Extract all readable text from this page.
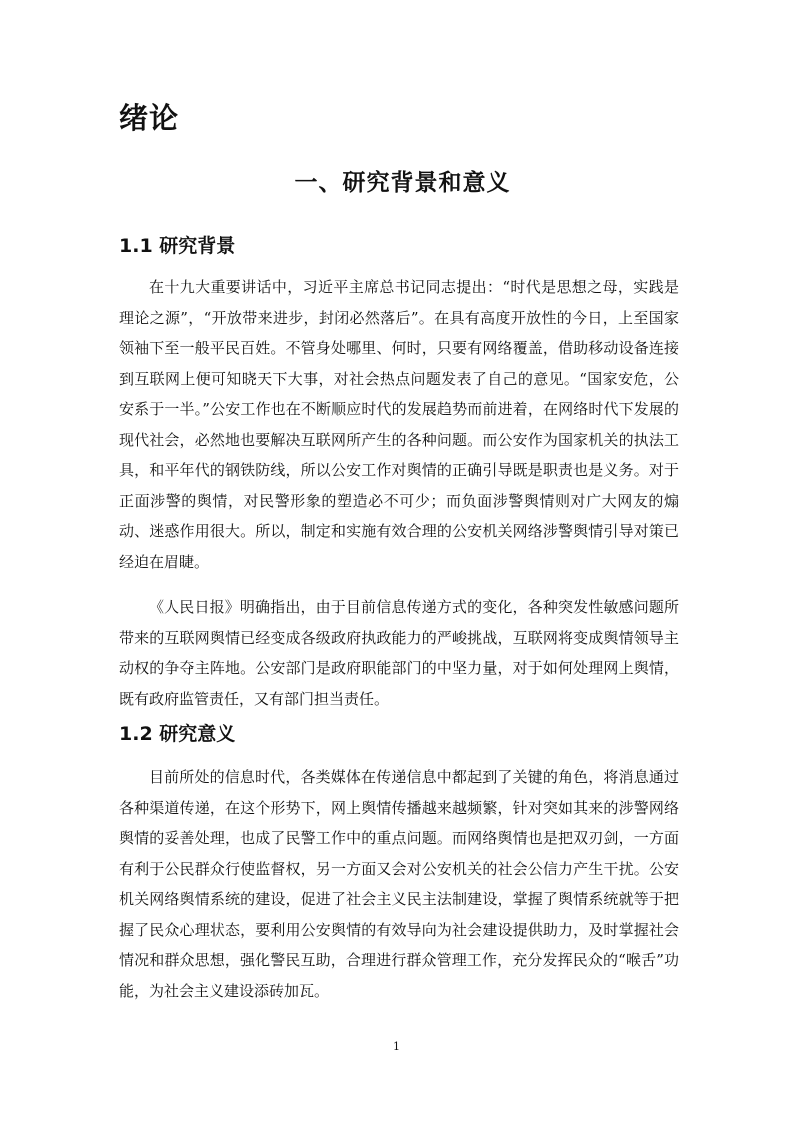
绪论
一、研究背景和意义
1.1 研究背景

在十九大重要讲话中，习近平主席总书记同志提出：“时代是思想之母，实践是理论之源”，“开放带来进步，封闭必然落后”。在具有高度开放性的今日，上至国家领袖下至一般平民百姓。不管身处哪里、何时，只要有网络覆盖，借助移动设备连接到互联网上便可知晓天下大事，对社会热点问题发表了自己的意见。“国家安危，公安系于一半。”公安工作也在不断顺应时代的发展趋势而前进着，在网络时代下发展的现代社会，必然地也要解决互联网所产生的各种问题。而公安作为国家机关的执法工具，和平年代的钢铁防线，所以公安工作对舆情的正确引导既是职责也是义务。对于正面涉警的舆情，对民警形象的塑造必不可少；而负面涉警舆情则对广大网友的煽动、迷惑作用很大。所以，制定和实施有效合理的公安机关网络涉警舆情引导对策已经迫在眉睫。

《人民日报》明确指出，由于目前信息传递方式的变化，各种突发性敏感问题所带来的互联网舆情已经变成各级政府执政能力的严峻挑战，互联网将变成舆情领导主动权的争夺主阵地。公安部门是政府职能部门的中坚力量，对于如何处理网上舆情，既有政府监管责任，又有部门担当责任。

1.2 研究意义

目前所处的信息时代，各类媒体在传递信息中都起到了关键的角色，将消息通过各种渠道传递，在这个形势下，网上舆情传播越来越频繁，针对突如其来的涉警网络舆情的妥善处理，也成了民警工作中的重点问题。而网络舆情也是把双刃剑，一方面有利于公民群众行使监督权，另一方面又会对公安机关的社会公信力产生干扰。公安机关网络舆情系统的建设，促进了社会主义民主法制建设，掌握了舆情系统就等于把握了民众心理状态，要利用公安舆情的有效导向为社会建设提供助力，及时掌握社会情况和群众思想，强化警民互助，合理进行群众管理工作，充分发挥民众的“喉舌”功能，为社会主义建设添砖加瓦。

1
